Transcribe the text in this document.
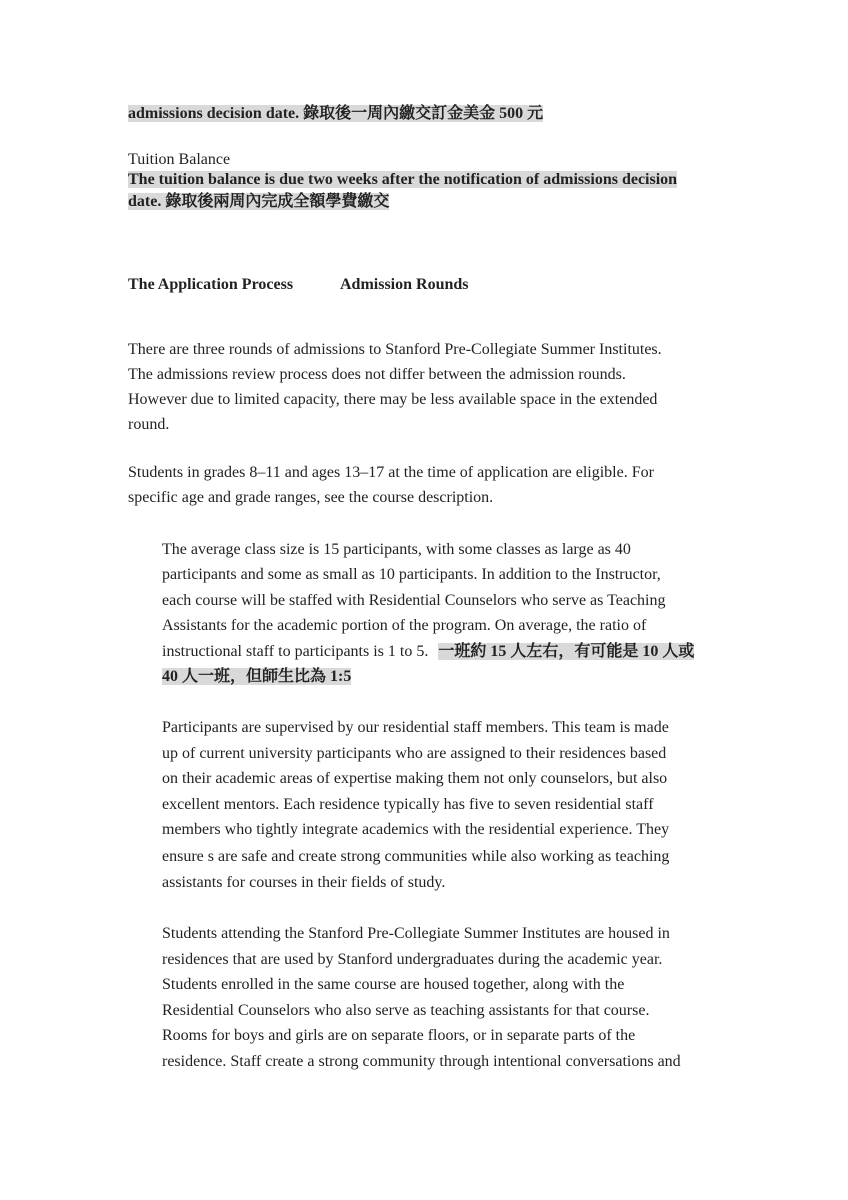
admissions decision date. 錄取後一周內繳交訂金美金 500 元
Tuition Balance
The tuition balance is due two weeks after the notification of admissions decision
date. 錄取後兩周內完成全額學費繳交
The Application Process	Admission Rounds
There are three rounds of admissions to Stanford Pre-Collegiate Summer Institutes.
The admissions review process does not differ between the admission rounds.
However due to limited capacity, there may be less available space in the extended
round.
Students in grades 8–11 and ages 13–17 at the time of application are eligible. For
specific age and grade ranges, see the course description.
The average class size is 15 participants, with some classes as large as 40
participants and some as small as 10 participants. In addition to the Instructor,
each course will be staffed with Residential Counselors who serve as Teaching
Assistants for the academic portion of the program. On average, the ratio of
instructional staff to participants is 1 to 5. 一班約 15 人左右，有可能是 10 人或
40 人一班，但師生比為 1:5
Participants are supervised by our residential staff members. This team is made
up of current university participants who are assigned to their residences based
on their academic areas of expertise making them not only counselors, but also
excellent mentors. Each residence typically has five to seven residential staff
members who tightly integrate academics with the residential experience. They
ensure s are safe and create strong communities while also working as teaching
assistants for courses in their fields of study.
Students attending the Stanford Pre-Collegiate Summer Institutes are housed in
residences that are used by Stanford undergraduates during the academic year.
Students enrolled in the same course are housed together, along with the
Residential Counselors who also serve as teaching assistants for that course.
Rooms for boys and girls are on separate floors, or in separate parts of the
residence. Staff create a strong community through intentional conversations and
